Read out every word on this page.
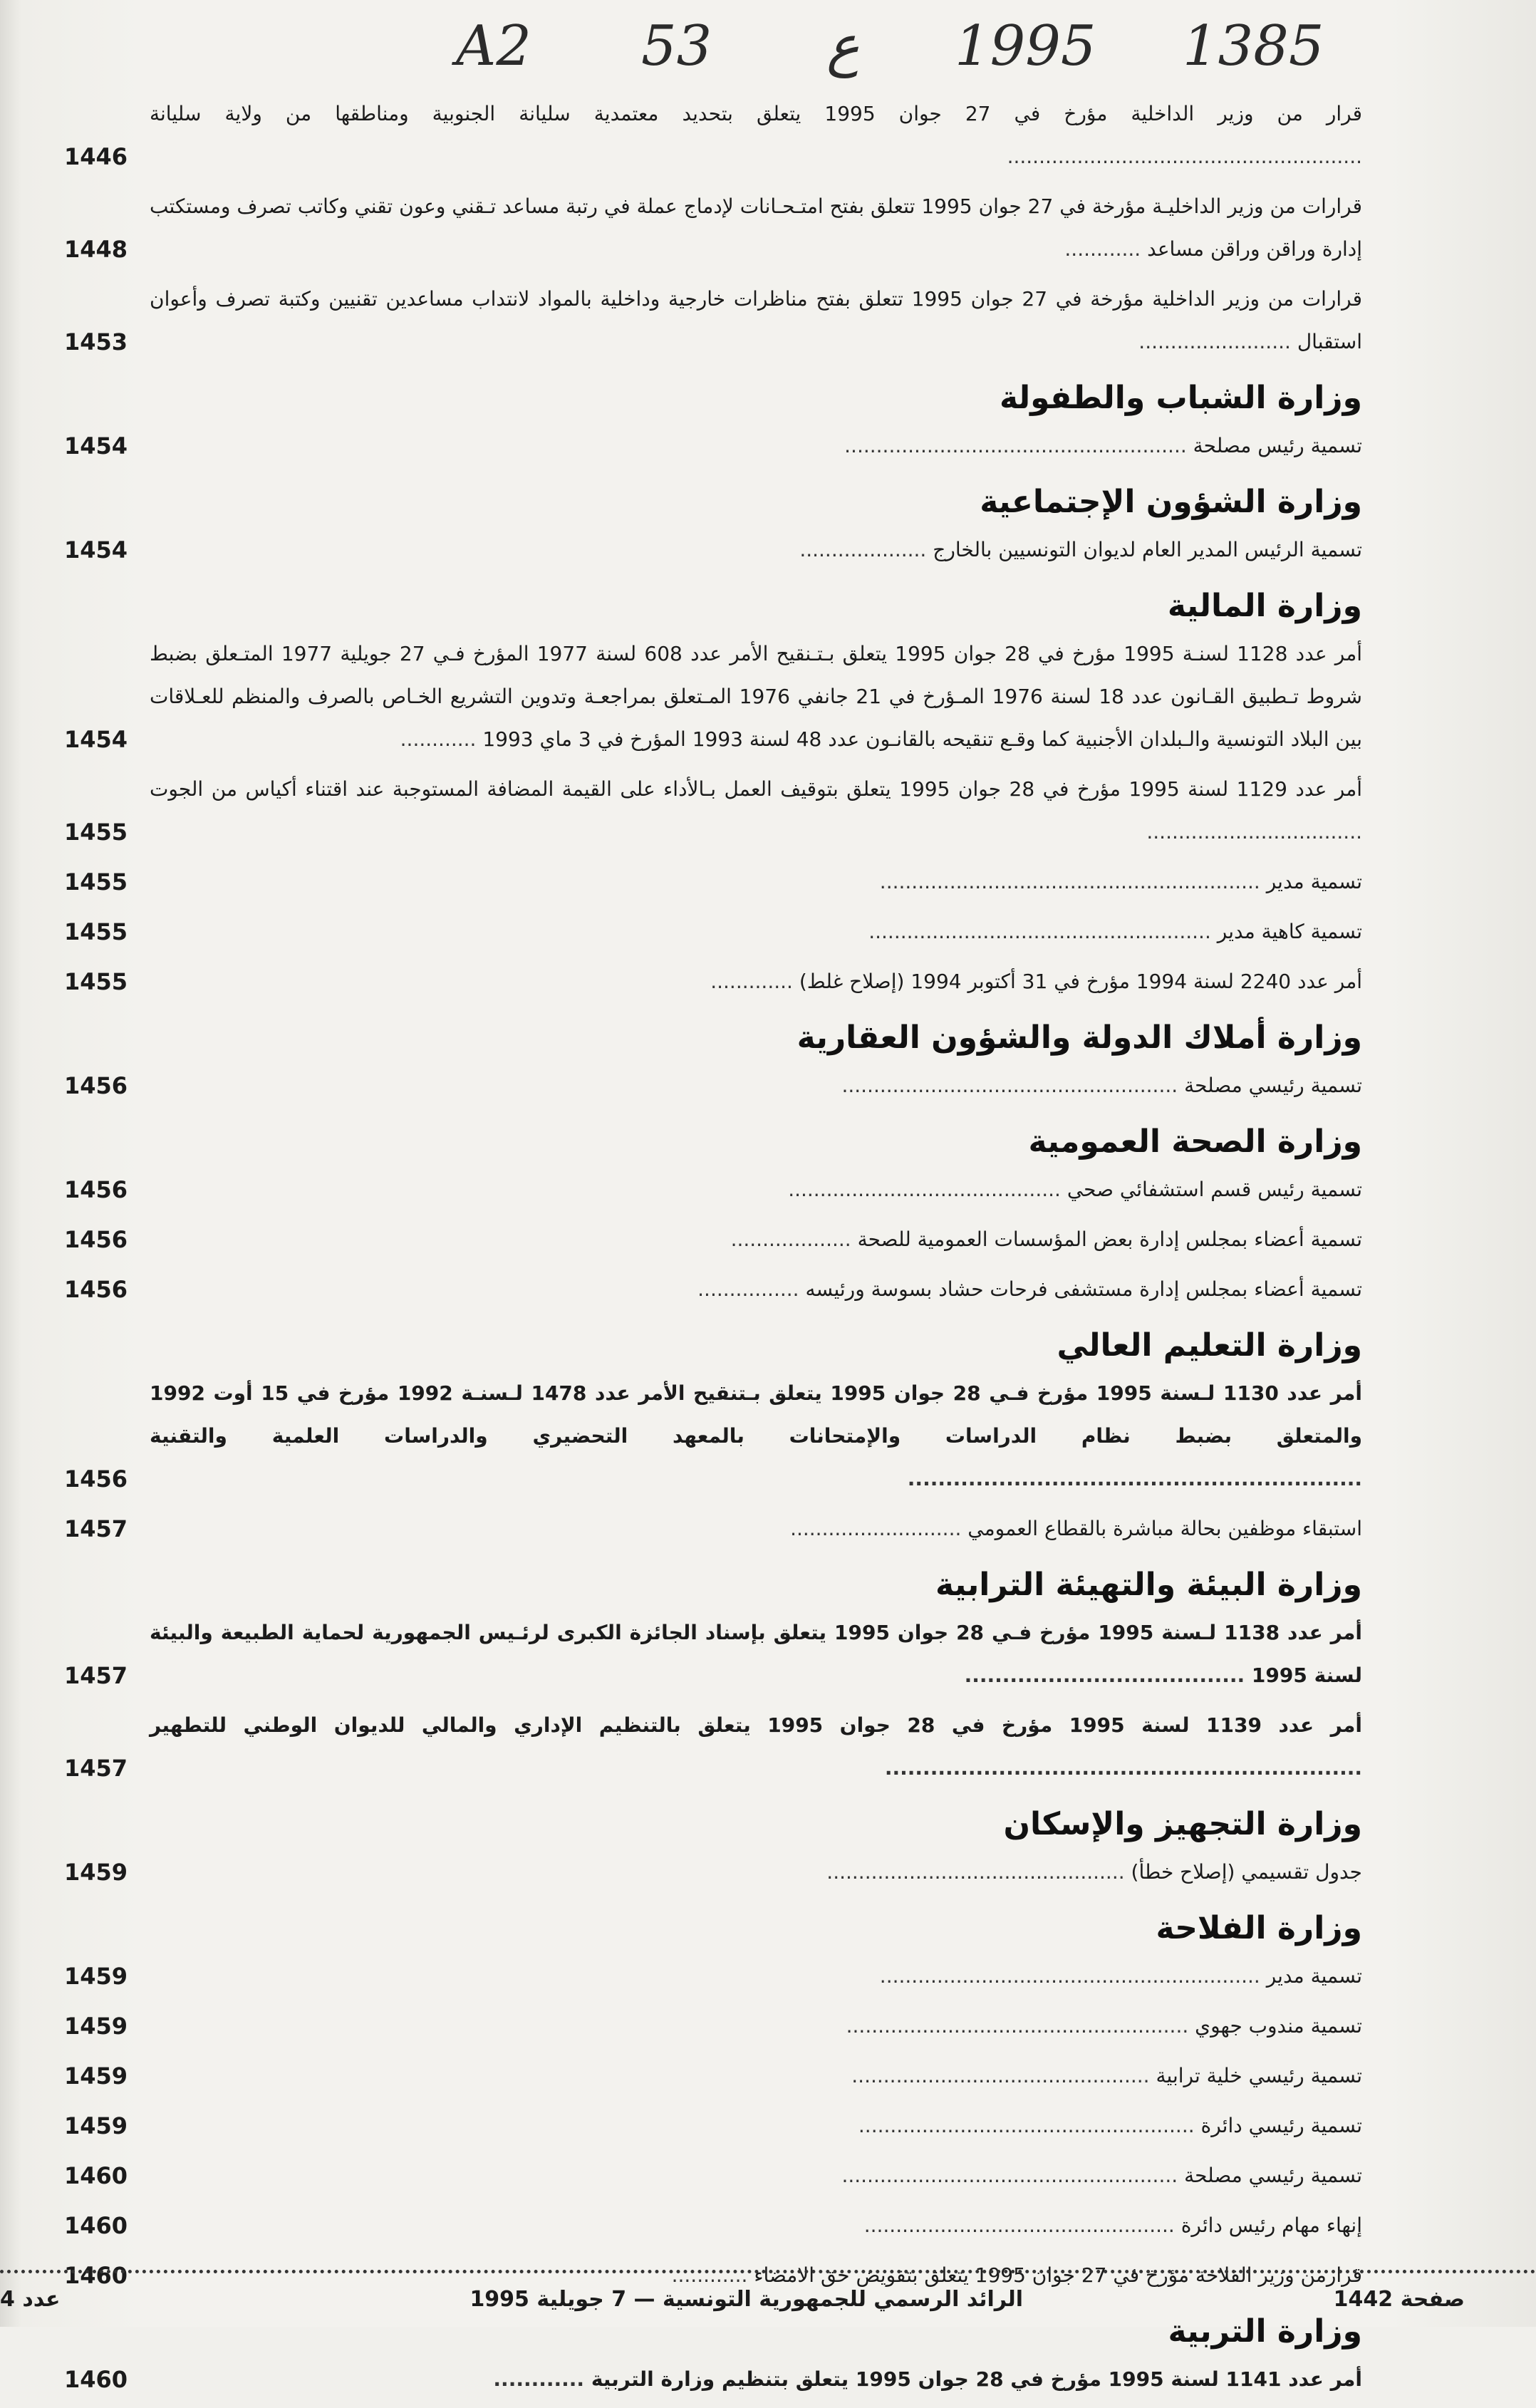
A2 53 ع 1995 1385
قرار من وزير الداخلية مؤرخ في 27 جوان 1995 يتعلق بتحديد معتمدية سليانة الجنوبية ومناطقها من ولاية سليانة ........................................................
1446
قرارات من وزير الداخليـة مؤرخة في 27 جوان 1995 تتعلق بفتح امتـحـانات لإدماج عملة في رتبة مساعد تـقني وعون تقني وكاتب تصرف ومستكتب إدارة وراقن وراقن مساعد ............
1448
قرارات من وزير الداخلية مؤرخة في 27 جوان 1995 تتعلق بفتح مناظرات خارجية وداخلية بالمواد لانتداب مساعدين تقنيين وكتبة تصرف وأعوان استقبال ........................
1453
وزارة الشباب والطفولة
تسمية رئيس مصلحة ......................................................
1454
وزارة الشؤون الإجتماعية
تسمية الرئيس المدير العام لديوان التونسيين بالخارج ....................
1454
وزارة المالية
أمر عدد 1128 لسنـة 1995 مؤرخ في 28 جوان 1995 يتعلق بـتـنقيح الأمر عدد 608 لسنة 1977 المؤرخ فـي 27 جويلية 1977 المتـعلق بضبط شروط تـطبيق القـانون عدد 18 لسنة 1976 المـؤرخ في 21 جانفي 1976 المـتعلق بمراجعـة وتدوين التشريع الخـاص بالصرف والمنظم للعـلاقات بين البلاد التونسية والـبلدان الأجنبية كما وقـع تنقيحه بالقانـون عدد 48 لسنة 1993 المؤرخ في 3 ماي 1993 ............
1454
أمر عدد 1129 لسنة 1995 مؤرخ في 28 جوان 1995 يتعلق بتوقيف العمل بـالأداء على القيمة المضافة المستوجبة عند اقتناء أكياس من الجوت ..................................
1455
تسمية مدير ............................................................
1455
تسمية كاهية مدير ......................................................
1455
أمر عدد 2240 لسنة 1994 مؤرخ في 31 أكتوبر 1994 (إصلاح غلط) .............
1455
وزارة أملاك الدولة والشؤون العقارية
تسمية رئيسي مصلحة .....................................................
1456
وزارة الصحة العمومية
تسمية رئيس قسم استشفائي صحي ...........................................
1456
تسمية أعضاء بمجلس إدارة بعض المؤسسات العمومية للصحة ...................
1456
تسمية أعضاء بمجلس إدارة مستشفى فرحات حشاد بسوسة ورئيسه ................
1456
وزارة التعليم العالي
أمر عدد 1130 لـسنة 1995 مؤرخ فـي 28 جوان 1995 يتعلق بـتنقيح الأمر عدد 1478 لـسنـة 1992 مؤرخ في 15 أوت 1992 والمتعلق بضبط نظام الدراسات والإمتحانات بالمعهد التحضيري والدراسات العلمية والتقنية ............................................................
1456
استبقاء موظفين بحالة مباشرة بالقطاع العمومي ...........................
1457
وزارة البيئة والتهيئة الترابية
أمر عدد 1138 لـسنة 1995 مؤرخ فـي 28 جوان 1995 يتعلق بإسناد الجائزة الكبرى لرئـيس الجمهورية لحماية الطبيعة والبيئة لسنة 1995 .....................................
1457
أمر عدد 1139 لسنة 1995 مؤرخ في 28 جوان 1995 يتعلق بالتنظيم الإداري والمالي للديوان الوطني للتطهير ...............................................................
1457
وزارة التجهيز والإسكان
جدول تقسيمي (إصلاح خطأ) ...............................................
1459
وزارة الفلاحة
تسمية مدير ............................................................
1459
تسمية مندوب جهوي ......................................................
1459
تسمية رئيسي خلية ترابية ...............................................
1459
تسمية رئيسي دائرة .....................................................
1459
تسمية رئيسي مصلحة .....................................................
1460
إنهاء مهام رئيس دائرة .................................................
1460
قرارمن وزير الفلاحة مؤرخ في 27 جوان 1995 يتعلق بتفويض حق الامضاء ............
1460
وزارة التربية
أمر عدد 1141 لسنة 1995 مؤرخ في 28 جوان 1995 يتعلق بتنظيم وزارة التربية ............
1460
صفحة 1442
الرائد الرسمي للجمهورية التونسية — 7 جويلية 1995
عدد 4
